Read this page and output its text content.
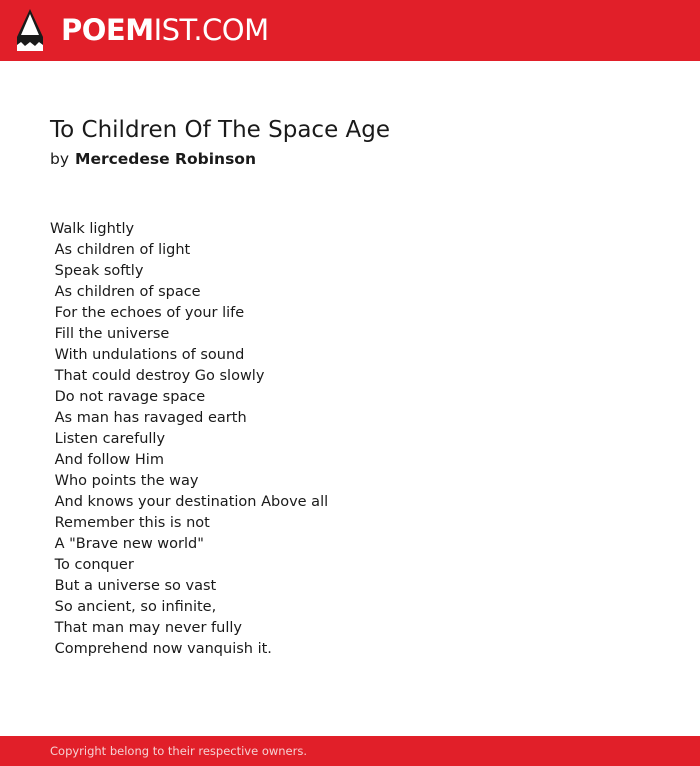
POEMIST.COM
To Children Of The Space Age
by Mercedese Robinson
Walk lightly
As children of light
Speak softly
As children of space
For the echoes of your life
Fill the universe
With undulations of sound
That could destroy Go slowly
Do not ravage space
As man has ravaged earth
Listen carefully
And follow Him
Who points the way
And knows your destination Above all
Remember this is not
A "Brave new world"
To conquer
But a universe so vast
So ancient, so infinite,
That man may never fully
Comprehend now vanquish it.
Copyright belong to their respective owners.
